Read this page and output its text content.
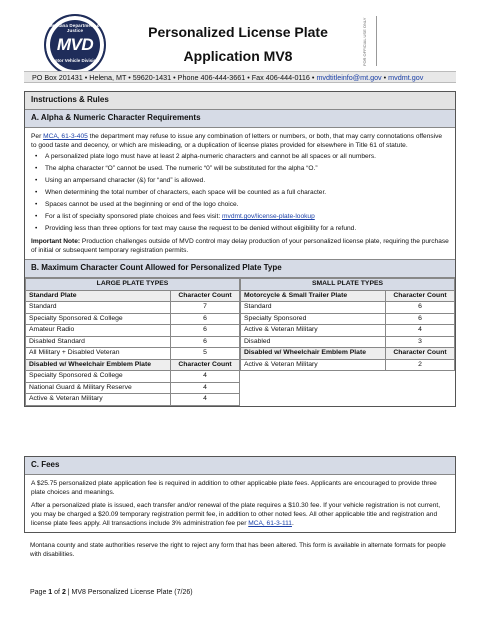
Montana Department of Justice
MVD
Motor Vehicle Division
Personalized License Plate
Application MV8	FOR OFFICIAL USE ONLY
PO Box 201431 • Helena, MT • 59620-1431 • Phone 406-444-3661 • Fax 406-444-0116 • mvdtitleinfo@mt.gov • mvdmt.gov
Instructions & Rules
A. Alpha & Numeric Character Requirements
Per MCA, 61-3-405 the department may refuse to issue any combination of letters or numbers, or both, that may carry connotations offensive to good taste and decency, or which are misleading, or a duplication of license plates provided for elsewhere in Title 61 of statute.
• A personalized plate logo must have at least 2 alpha-numeric characters and cannot be all spaces or all numbers.
• The alpha character “O” cannot be used. The numeric “0” will be substituted for the alpha “O.”
• Using an ampersand character (&) for “and” is allowed.
• When determining the total number of characters, each space will be counted as a full character.
• Spaces cannot be used at the beginning or end of the logo choice.
• For a list of specialty sponsored plate choices and fees visit: mvdmt.gov/license-plate-lookup
• Providing less than three options for text may cause the request to be denied without eligibility for a refund.
Important Note: Production challenges outside of MVD control may delay production of your personalized license plate, requiring the purchase of initial or subsequent temporary registration permits.
B. Maximum Character Count Allowed for Personalized Plate Type
LARGE PLATE TYPES	
Standard Plate	Character Count
Standard	7
Specialty Sponsored & College	6
Amateur Radio	6
Disabled Standard	6
All Military + Disabled Veteran	5
Disabled w/ Wheelchair Emblem Plate	Character Count
Specialty Sponsored & College	4
National Guard & Military Reserve	4
Active & Veteran Military	4
SMALL PLATE TYPES	
Motorcycle & Small Trailer Plate	Character Count
Standard	6
Specialty Sponsored	6
Active & Veteran Military	4
Disabled	3
Disabled w/ Wheelchair Emblem Plate	Character Count
Active & Veteran Military	2
C. Fees
A $25.75 personalized plate application fee is required in addition to other applicable plate fees. Applicants are encouraged to provide three plate choices and meanings.
After a personalized plate is issued, each transfer and/or renewal of the plate requires a $10.30 fee. If your vehicle registration is not current, you may be charged a $20.09 temporary registration permit fee, in addition to other noted fees. All other applicable title and registration and license plate fees apply. All transactions include 3% administration fee per MCA, 61-3-111.
Montana county and state authorities reserve the right to reject any form that has been altered. This form is available in alternate formats for people with disabilities.
Page 1 of 2 | MV8 Personalized License Plate (7/26)
